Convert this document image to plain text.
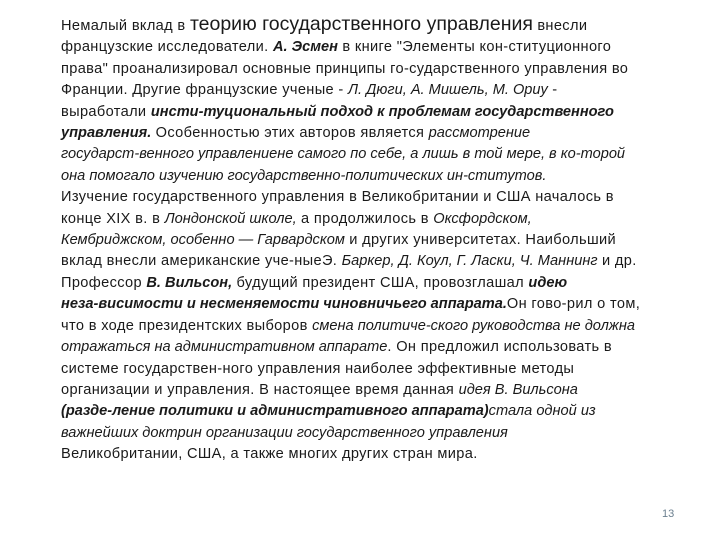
Немалый вклад в теорию государственного управления внесли
французские исследователи. А. Эсмен в книге "Элементы кон-ституционного
права" проанализировал основные принципы го-сударственного управления во
Франции. Другие французские ученые - Л. Дюги, А. Мишель, М. Ориу -
выработали инсти-туциональный подход к проблемам государственного
управления. Особенностью этих авторов является рассмотрение
государст-венного управлениене самого по себе, а лишь в той мере, в ко-торой
она помогало изучению государственно-политических ин-ститутов.
Изучение государственного управления в Великобритании и США началось в
конце XIX в. в Лондонской школе, а продолжилось в Оксфордском,
Кембриджском, особенно — Гарвардском и других университетах. Наибольший
вклад внесли американские уче-ныеЭ. Баркер, Д. Коул, Г. Ласки, Ч. Маннинг и др.
Профессор В. Вильсон, будущий президент США, провозглашал идею
неза-висимости и несменяемости чиновничьего аппарата.Он гово-рил о том,
что в ходе президентских выборов смена политиче-ского руководства не должна
отражаться на административном аппарате. Он предложил использовать в
системе государствен-ного управления наиболее эффективные методы
организации и управления. В настоящее время данная идея В. Вильсона
(разде-ление политики и административного аппарата)стала одной из
важнейших доктрин организации государственного управления
Великобритании, США, а также многих других стран мира.
13
